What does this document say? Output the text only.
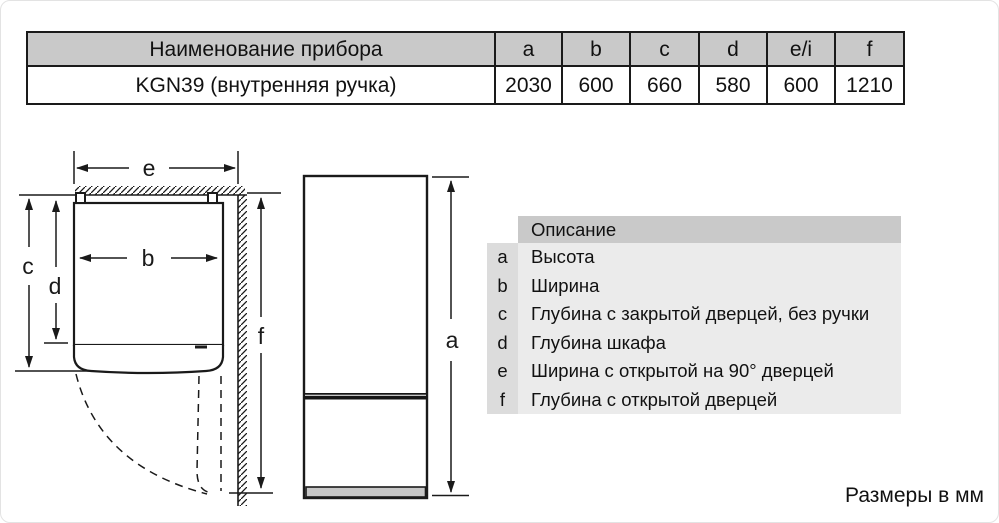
Наименование прибора	a	b	c	d	e/i	f
KGN39 (внутренняя ручка)	2030	600	660	580	600	1210
e
c
d
b
f	a
Описание
a	Высота
b	Ширина
c	Глубина с закрытой дверцей, без ручки
d	Глубина шкафа
e	Ширина с открытой на 90° дверцей
f	Глубина с открытой дверцей
Размеры в мм
